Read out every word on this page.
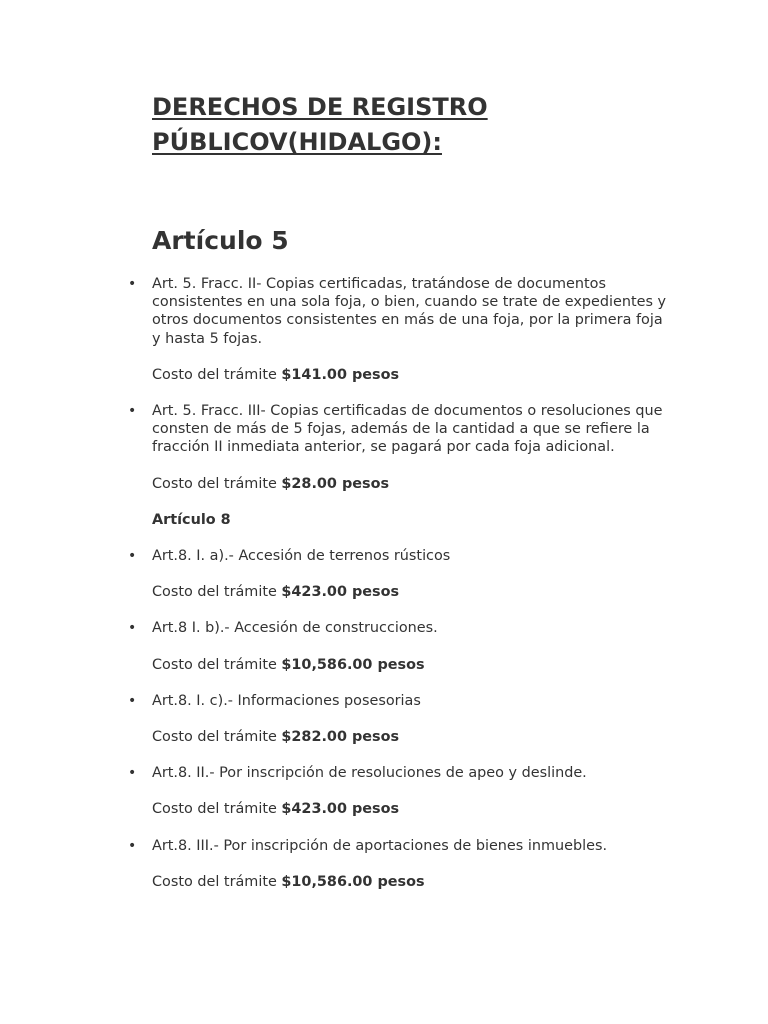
DERECHOS DE REGISTRO
PÚBLICOV(HIDALGO):
Artículo 5
• Art. 5. Fracc. II- Copias certificadas, tratándose de documentos consistentes en una sola foja, o bien, cuando se trate de expedientes y otros documentos consistentes en más de una foja, por la primera foja y hasta 5 fojas.
Costo del trámite $141.00 pesos
• Art. 5. Fracc. III- Copias certificadas de documentos o resoluciones que consten de más de 5 fojas, además de la cantidad a que se refiere la fracción II inmediata anterior, se pagará por cada foja adicional.
Costo del trámite $28.00 pesos
Artículo 8
• Art.8. I. a).- Accesión de terrenos rústicos
Costo del trámite $423.00 pesos
• Art.8 I. b).- Accesión de construcciones.
Costo del trámite $10,586.00 pesos
• Art.8. I. c).- Informaciones posesorias
Costo del trámite $282.00 pesos
• Art.8. II.- Por inscripción de resoluciones de apeo y deslinde.
Costo del trámite $423.00 pesos
• Art.8. III.- Por inscripción de aportaciones de bienes inmuebles.
Costo del trámite $10,586.00 pesos
